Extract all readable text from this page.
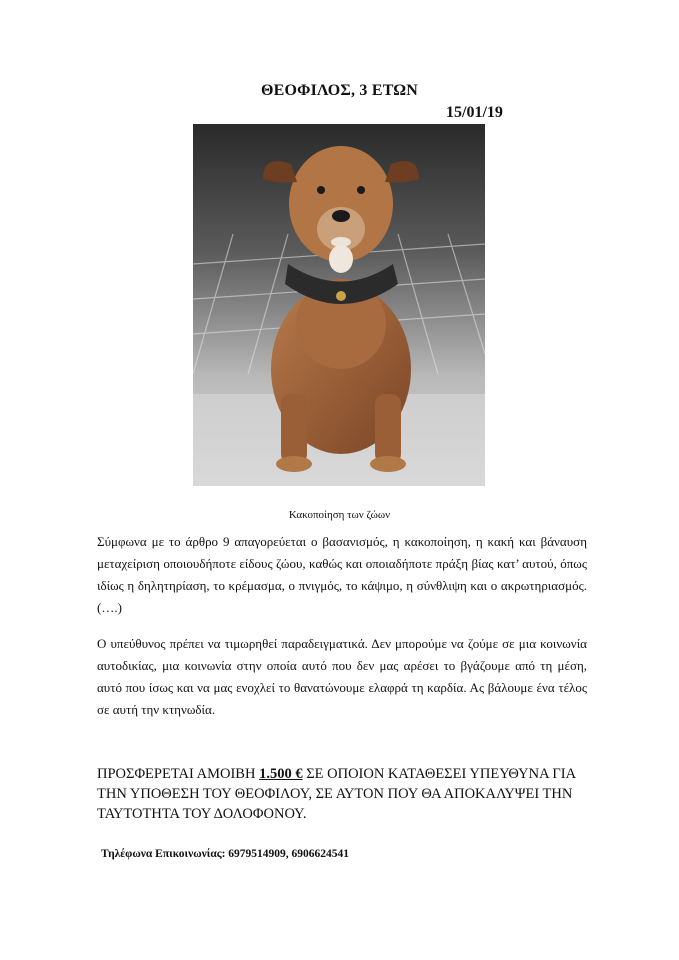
ΘΕΟΦΙΛΟΣ, 3 ΕΤΩΝ
15/01/19
Κακοποίηση των ζώων

Σύμφωνα με το άρθρο 9 απαγορεύεται ο βασανισμός, η κακοποίηση, η κακή και βάναυση μεταχείριση οποιουδήποτε είδους ζώου, καθώς και οποιαδήποτε πράξη βίας κατ’ αυτού, όπως ιδίως η δηλητηρίαση, το κρέμασμα, ο πνιγμός, το κάψιμο, η σύνθλιψη και ο ακρωτηριασμός. (….)

Ο υπεύθυνος πρέπει να τιμωρηθεί παραδειγματικά. Δεν μπορούμε να ζούμε σε μια κοινωνία αυτοδικίας, μια κοινωνία στην οποία αυτό που δεν μας αρέσει το βγάζουμε από τη μέση, αυτό που ίσως και να μας ενοχλεί το θανατώνουμε ελαφρά τη καρδία. Ας βάλουμε ένα τέλος σε αυτή την κτηνωδία.

ΠΡΟΣΦΕΡΕΤΑΙ ΑΜΟΙΒΗ 1.500 € ΣΕ ΟΠΟΙΟΝ ΚΑΤΑΘΕΣΕΙ ΥΠΕΥΘΥΝΑ ΓΙΑ ΤΗΝ ΥΠΟΘΕΣΗ ΤΟΥ ΘΕΟΦΙΛΟΥ, ΣΕ ΑΥΤΟΝ ΠΟΥ ΘΑ ΑΠΟΚΑΛΥΨΕΙ ΤΗΝ ΤΑΥΤΟΤΗΤΑ ΤΟΥ ΔΟΛΟΦΟΝΟΥ.

Τηλέφωνα Επικοινωνίας: 6979514909, 6906624541
